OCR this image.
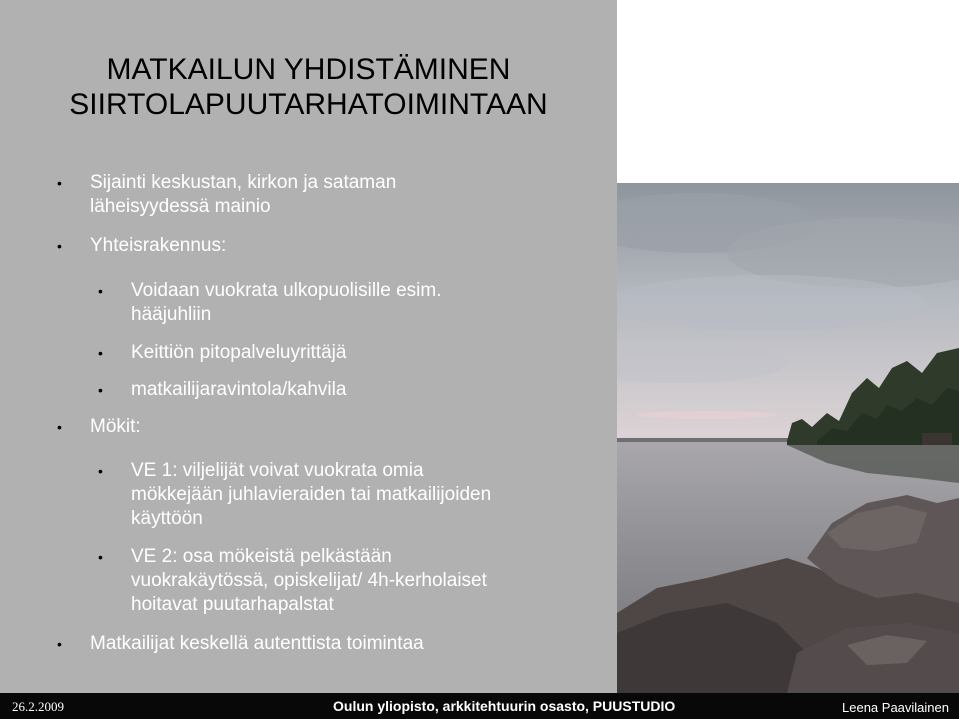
MATKAILUN YHDISTÄMINEN
SIIRTOLAPUUTARHATOIMINTAAN
• Sijainti keskustan, kirkon ja sataman
läheisyydessä mainio
• Yhteisrakennus:
• Voidaan vuokrata ulkopuolisille esim.
hääjuhliin
• Keittiön pitopalveluyrittäjä
• matkailijaravintola/kahvila
• Mökit:
• VE 1: viljelijät voivat vuokrata omia
mökkejään juhlavieraiden tai matkailijoiden
käyttöön
• VE 2: osa mökeistä pelkästään
vuokrakäytössä, opiskelijat/ 4h-kerholaiset
hoitavat puutarhapalstat
• Matkailijat keskellä autenttista toimintaa
26.2.2009	Oulun yliopisto, arkkitehtuurin osasto, PUUSTUDIO	Leena Paavilainen
